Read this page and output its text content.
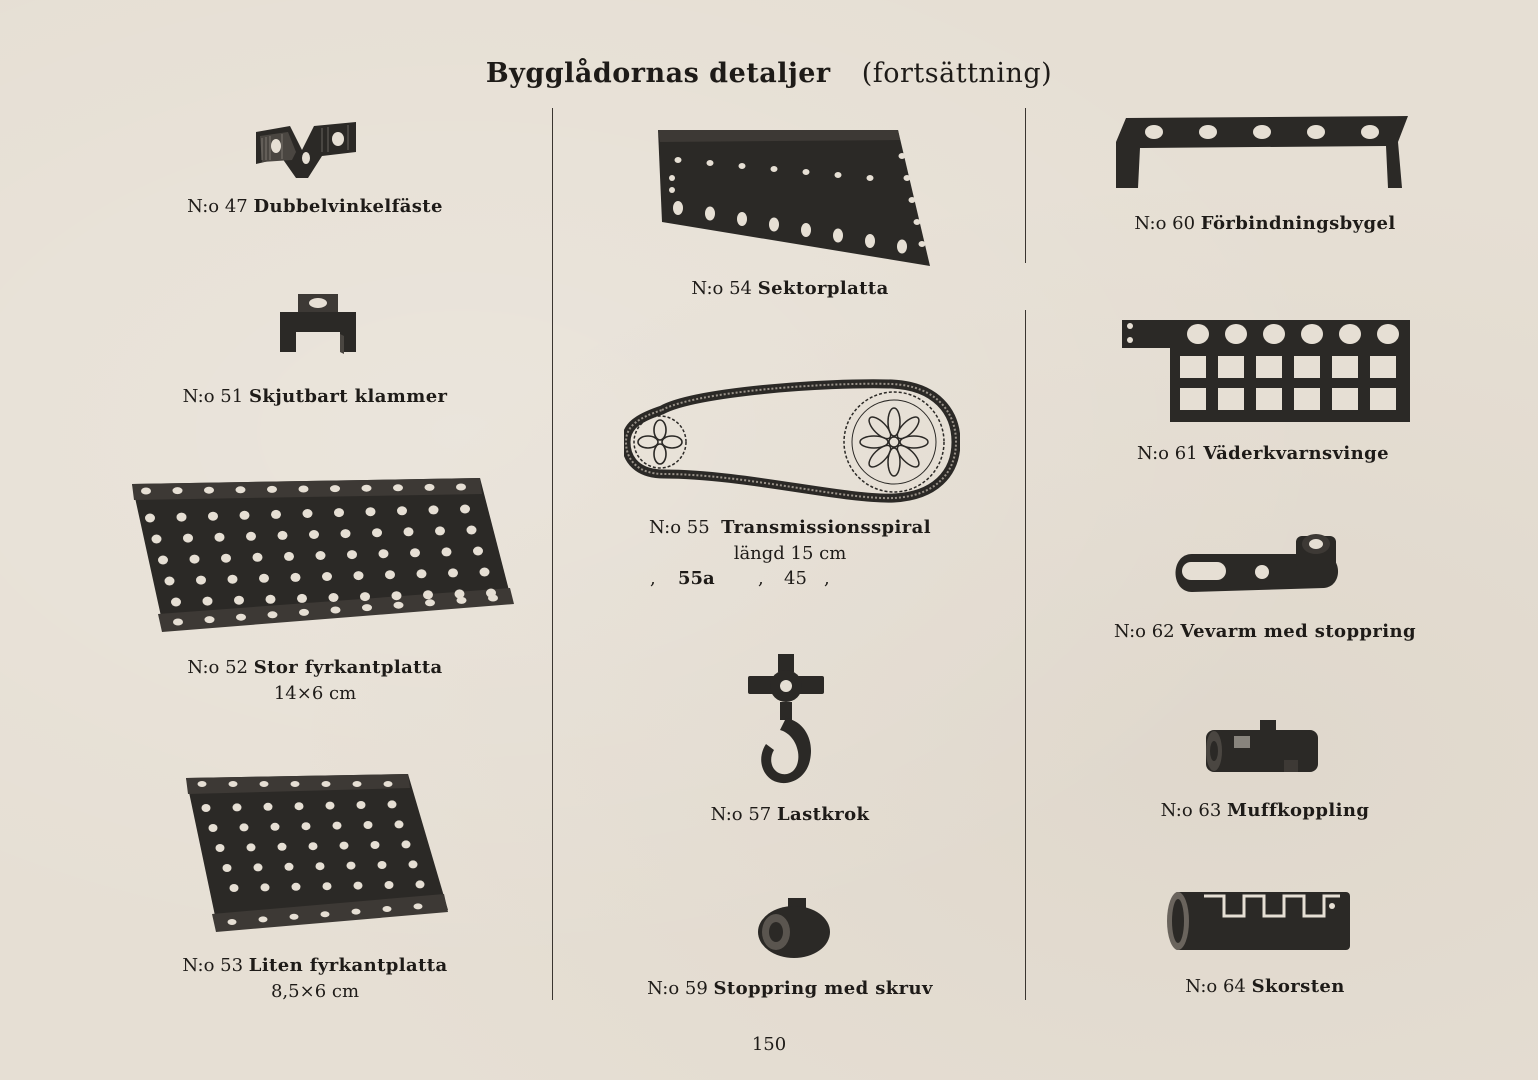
Bygglådornas detaljer (fortsättning)
N:o 47 Dubbelvinkelfäste
N:o 51 Skjutbart klammer
N:o 52 Stor fyrkantplatta
14×6 cm
N:o 53 Liten fyrkantplatta
8,5×6 cm
N:o 54 Sektorplatta
N:o 55 Transmissionsspiral
längd 15 cm
, 55a , 45 ,
N:o 57 Lastkrok
N:o 59 Stoppring med skruv
N:o 60 Förbindningsbygel
N:o 61 Väderkvarnsvinge
N:o 62 Vevarm med stoppring
N:o 63 Muffkoppling
N:o 64 Skorsten
150
